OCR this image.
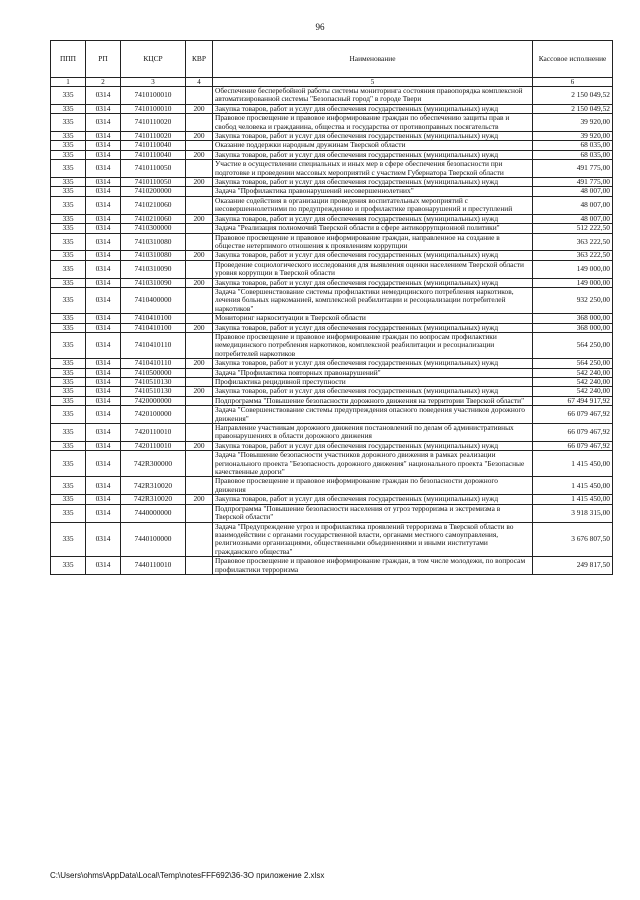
96
ППП	РП	КЦСР	КВР	Наименование	Кассовое исполнение
1	2	3	4	5	6
335	0314	7410100010		Обеспечение бесперебойной работы системы мониторинга состояния правопорядка комплексной автоматизированной системы "Безопасный город" в городе Твери	2 150 049,52
335	0314	7410100010	200	Закупка товаров, работ и услуг для обеспечения государственных (муниципальных) нужд	2 150 049,52
335	0314	7410110020		Правовое просвещение и правовое информирование граждан по обеспечению защиты прав и свобод человека и гражданина, общества и государства от противоправных посягательств	39 920,00
335	0314	7410110020	200	Закупка товаров, работ и услуг для обеспечения государственных (муниципальных) нужд	39 920,00
335	0314	7410110040		Оказание поддержки народным дружинам Тверской области	68 035,00
335	0314	7410110040	200	Закупка товаров, работ и услуг для обеспечения государственных (муниципальных) нужд	68 035,00
335	0314	7410110050		Участие в осуществлении специальных и иных мер в сфере обеспечения безопасности при подготовке и проведении массовых мероприятий с участием Губернатора Тверской области	491 775,00
335	0314	7410110050	200	Закупка товаров, работ и услуг для обеспечения государственных (муниципальных) нужд	491 775,00
335	0314	7410200000		Задача "Профилактика правонарушений несовершеннолетних"	48 007,00
335	0314	7410210060		Оказание содействия в организации проведения воспитательных мероприятий с несовершеннолетними по предупреждению и профилактике правонарушений и преступлений	48 007,00
335	0314	7410210060	200	Закупка товаров, работ и услуг для обеспечения государственных (муниципальных) нужд	48 007,00
335	0314	7410300000		Задача "Реализация полномочий Тверской области в сфере антикоррупционной политики"	512 222,50
335	0314	7410310080		Правовое просвещение и правовое информирование граждан, направленное на создание в обществе нетерпимого отношения к проявлениям коррупции	363 222,50
335	0314	7410310080	200	Закупка товаров, работ и услуг для обеспечения государственных (муниципальных) нужд	363 222,50
335	0314	7410310090		Проведение социологического исследования для выявления оценки населением Тверской области уровня коррупции в Тверской области	149 000,00
335	0314	7410310090	200	Закупка товаров, работ и услуг для обеспечения государственных (муниципальных) нужд	149 000,00
335	0314	7410400000		Задача "Совершенствование системы профилактики немедицинского потребления наркотиков, лечения больных наркоманией, комплексной реабилитации и ресоциализации потребителей наркотиков"	932 250,00
335	0314	7410410100		Мониторинг наркоситуации в Тверской области	368 000,00
335	0314	7410410100	200	Закупка товаров, работ и услуг для обеспечения государственных (муниципальных) нужд	368 000,00
335	0314	7410410110		Правовое просвещение и правовое информирование граждан по вопросам профилактики немедицинского потребления наркотиков, комплексной реабилитации и ресоциализации потребителей наркотиков	564 250,00
335	0314	7410410110	200	Закупка товаров, работ и услуг для обеспечения государственных (муниципальных) нужд	564 250,00
335	0314	7410500000		Задача "Профилактика повторных правонарушений"	542 240,00
335	0314	7410510130		Профилактика рецидивной преступности	542 240,00
335	0314	7410510130	200	Закупка товаров, работ и услуг для обеспечения государственных (муниципальных) нужд	542 240,00
335	0314	7420000000		Подпрограмма "Повышение безопасности дорожного движения на территории Тверской области"	67 494 917,92
335	0314	7420100000		Задача "Совершенствование системы предупреждения опасного поведения участников дорожного движения"	66 079 467,92
335	0314	7420110010		Направление участникам дорожного движения постановлений по делам об административных правонарушениях в области дорожного движения	66 079 467,92
335	0314	7420110010	200	Закупка товаров, работ и услуг для обеспечения государственных (муниципальных) нужд	66 079 467,92
335	0314	742R300000		Задача "Повышение безопасности участников дорожного движения в рамках реализации регионального проекта "Безопасность дорожного движения" национального проекта "Безопасные качественные дороги"	1 415 450,00
335	0314	742R310020		Правовое просвещение и правовое информирование граждан по безопасности дорожного движения	1 415 450,00
335	0314	742R310020	200	Закупка товаров, работ и услуг для обеспечения государственных (муниципальных) нужд	1 415 450,00
335	0314	7440000000		Подпрограмма "Повышение безопасности населения от угроз терроризма и экстремизма в Тверской области"	3 918 315,00
335	0314	7440100000		Задача "Предупреждение угроз и профилактика проявлений терроризма в Тверской области во взаимодействии с органами государственной власти, органами местного самоуправления, религиозными организациями, общественными объединениями и иными институтами гражданского общества"	3 676 807,50
335	0314	7440110010		Правовое просвещение и правовое информирование граждан, в том числе молодежи, по вопросам профилактики терроризма	249 817,50
C:\Users\ohms\AppData\Local\Temp\notesFFF692\36-ЗО приложение 2.xlsx
